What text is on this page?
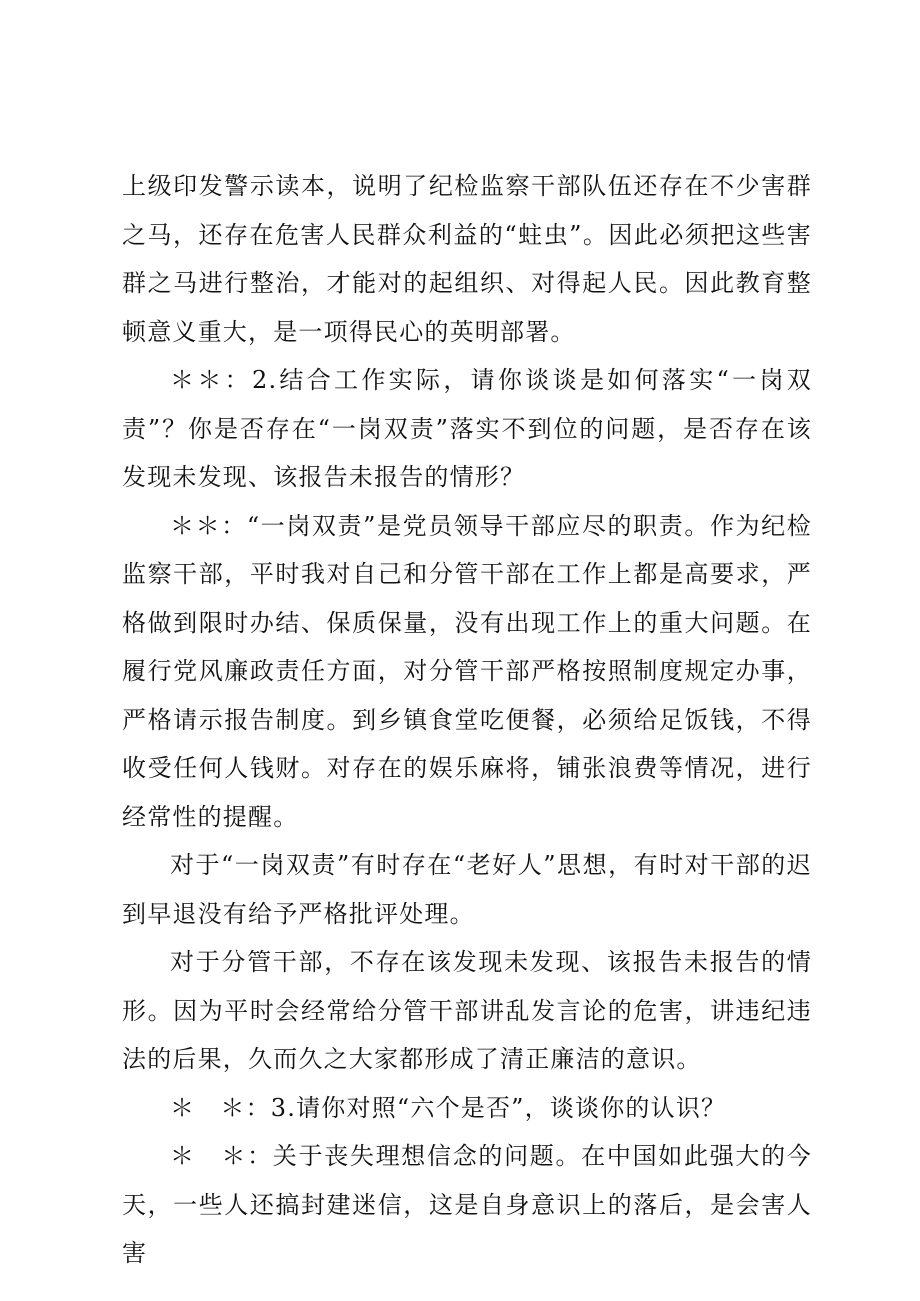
上级印发警示读本，说明了纪检监察干部队伍还存在不少害群之马，还存在危害人民群众利益的“蛀虫”。因此必须把这些害群之马进行整治，才能对的起组织、对得起人民。因此教育整顿意义重大，是一项得民心的英明部署。

＊＊：2.结合工作实际，请你谈谈是如何落实“一岗双责”？你是否存在“一岗双责”落实不到位的问题，是否存在该发现未发现、该报告未报告的情形？

＊＊：“一岗双责”是党员领导干部应尽的职责。作为纪检监察干部，平时我对自己和分管干部在工作上都是高要求，严格做到限时办结、保质保量，没有出现工作上的重大问题。在履行党风廉政责任方面，对分管干部严格按照制度规定办事，严格请示报告制度。到乡镇食堂吃便餐，必须给足饭钱，不得收受任何人钱财。对存在的娱乐麻将，铺张浪费等情况，进行经常性的提醒。

对于“一岗双责”有时存在“老好人”思想，有时对干部的迟到早退没有给予严格批评处理。

对于分管干部，不存在该发现未发现、该报告未报告的情形。因为平时会经常给分管干部讲乱发言论的危害，讲违纪违法的后果，久而久之大家都形成了清正廉洁的意识。

＊　＊：3.请你对照“六个是否”，谈谈你的认识？

＊　＊：关于丧失理想信念的问题。在中国如此强大的今天，一些人还搞封建迷信，这是自身意识上的落后，是会害人害
